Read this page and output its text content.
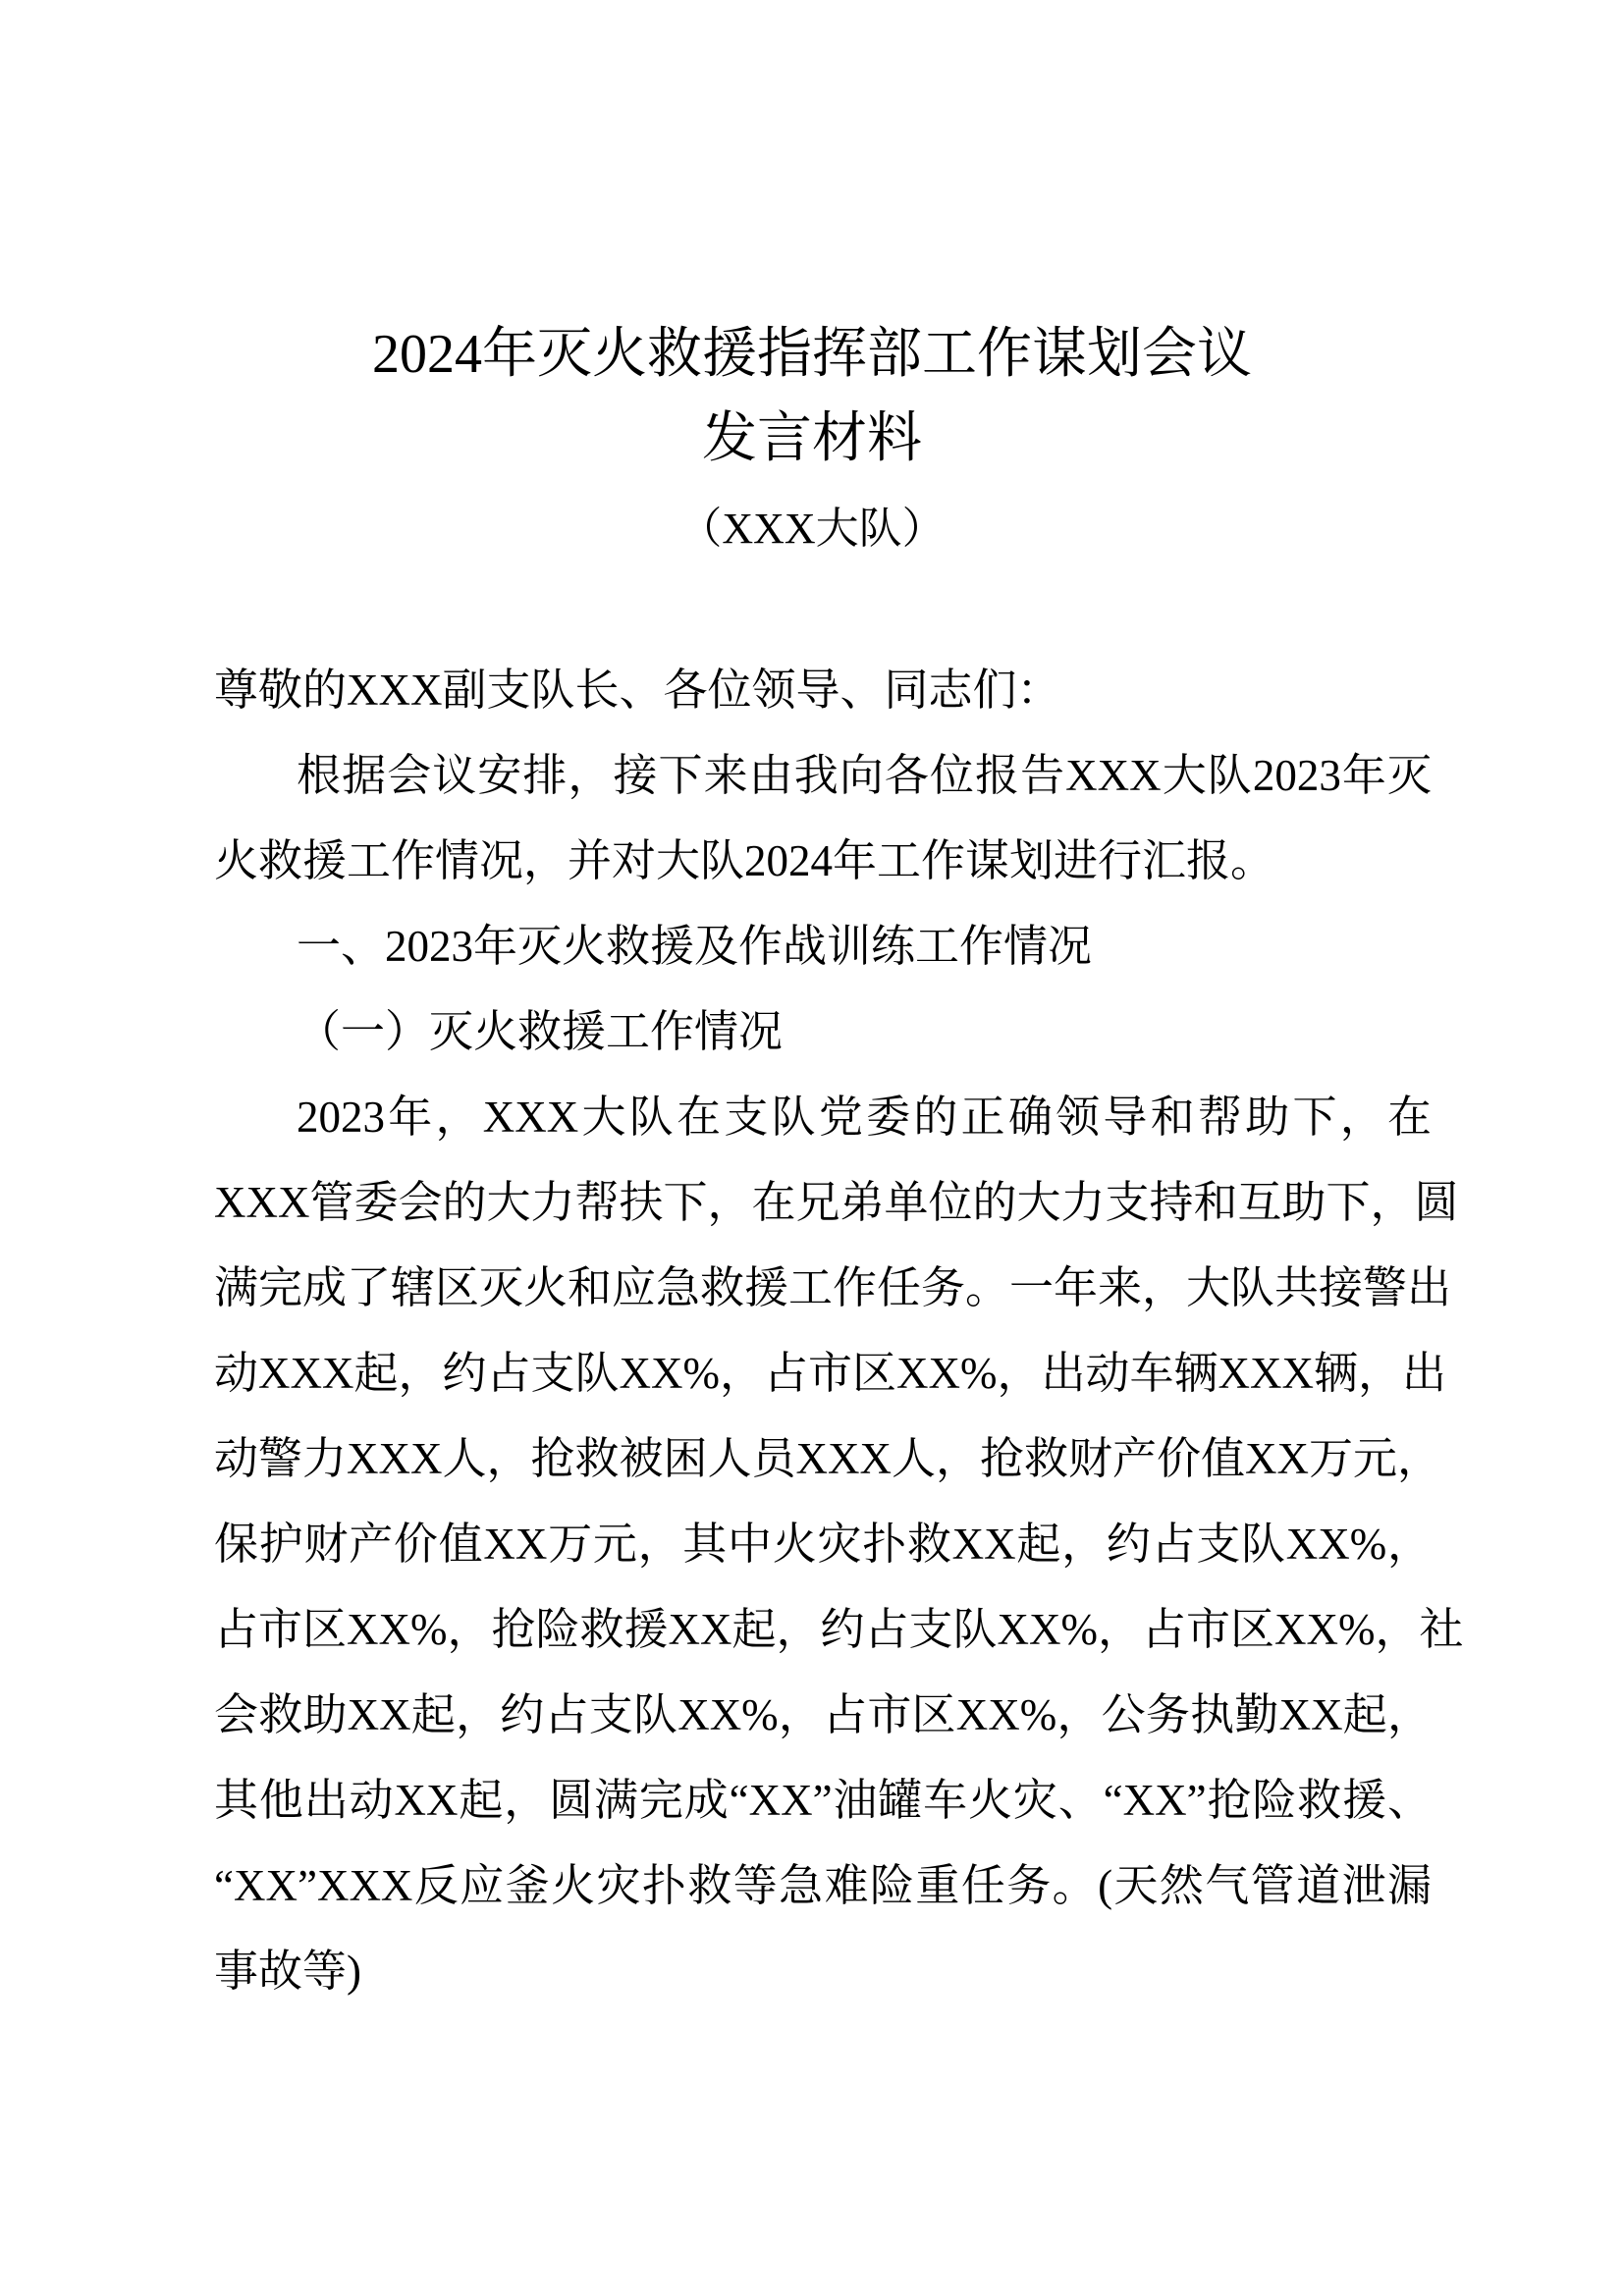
2024年灭火救援指挥部工作谋划会议
发言材料
（XXX大队）
尊敬的XXX副支队长、各位领导、同志们：
根据会议安排，接下来由我向各位报告XXX大队2023年灭
火救援工作情况，并对大队2024年工作谋划进行汇报。
一、2023年灭火救援及作战训练工作情况
（一）灭火救援工作情况
2023年，XXX大队在支队党委的正确领导和帮助下，在
XXX管委会的大力帮扶下，在兄弟单位的大力支持和互助下，圆
满完成了辖区灭火和应急救援工作任务。一年来，大队共接警出
动XXX起，约占支队XX%，占市区XX%，出动车辆XXX辆，出
动警力XXX人，抢救被困人员XXX人，抢救财产价值XX万元，
保护财产价值XX万元，其中火灾扑救XX起，约占支队XX%，
占市区XX%，抢险救援XX起，约占支队XX%，占市区XX%，社
会救助XX起，约占支队XX%，占市区XX%，公务执勤XX起，
其他出动XX起，圆满完成“XX”油罐车火灾、“XX”抢险救援、
“XX”XXX反应釜火灾扑救等急难险重任务。(天然气管道泄漏
事故等)
